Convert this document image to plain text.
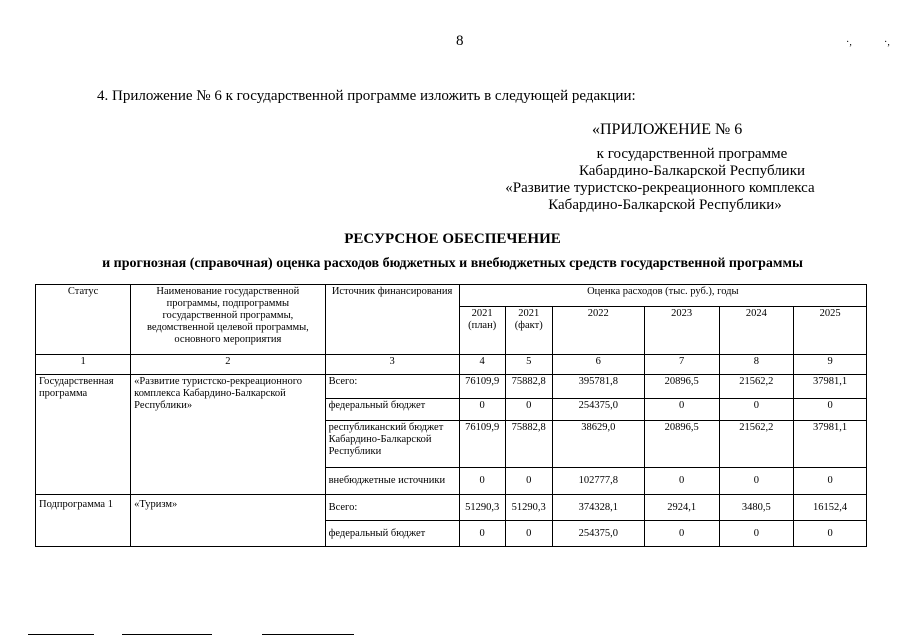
8	·,	·,
4. Приложение № 6 к государственной программе изложить в следующей редакции:
«ПРИЛОЖЕНИЕ № 6
к государственной программе
Кабардино-Балкарской Республики
«Развитие туристско-рекреационного комплекса
Кабардино-Балкарской Республики»
РЕСУРСНОЕ ОБЕСПЕЧЕНИЕ
и прогнозная (справочная) оценка расходов бюджетных и внебюджетных средств государственной программы
Статус	Наименование государственной программы, подпрограммы государственной программы, ведомственной целевой программы, основного мероприятия	Источник финансирования	Оценка расходов (тыс. руб.), годы					
			2021 (план)	2021 (факт)	2022	2023	2024	2025
1	2	3	4	5	6	7	8	9
Государственная программа	«Развитие туристско-рекреационного комплекса Кабардино-Балкарской Республики»	Всего:	76109,9	75882,8	395781,8	20896,5	21562,2	37981,1
		федеральный бюджет	0	0	254375,0	0	0	0
		республиканский бюджет Кабардино-Балкарской Республики	76109,9	75882,8	38629,0	20896,5	21562,2	37981,1
		внебюджетные источники	0	0	102777,8	0	0	0
Подпрограмма 1	«Туризм»	Всего:	51290,3	51290,3	374328,1	2924,1	3480,5	16152,4
		федеральный бюджет	0	0	254375,0	0	0	0
